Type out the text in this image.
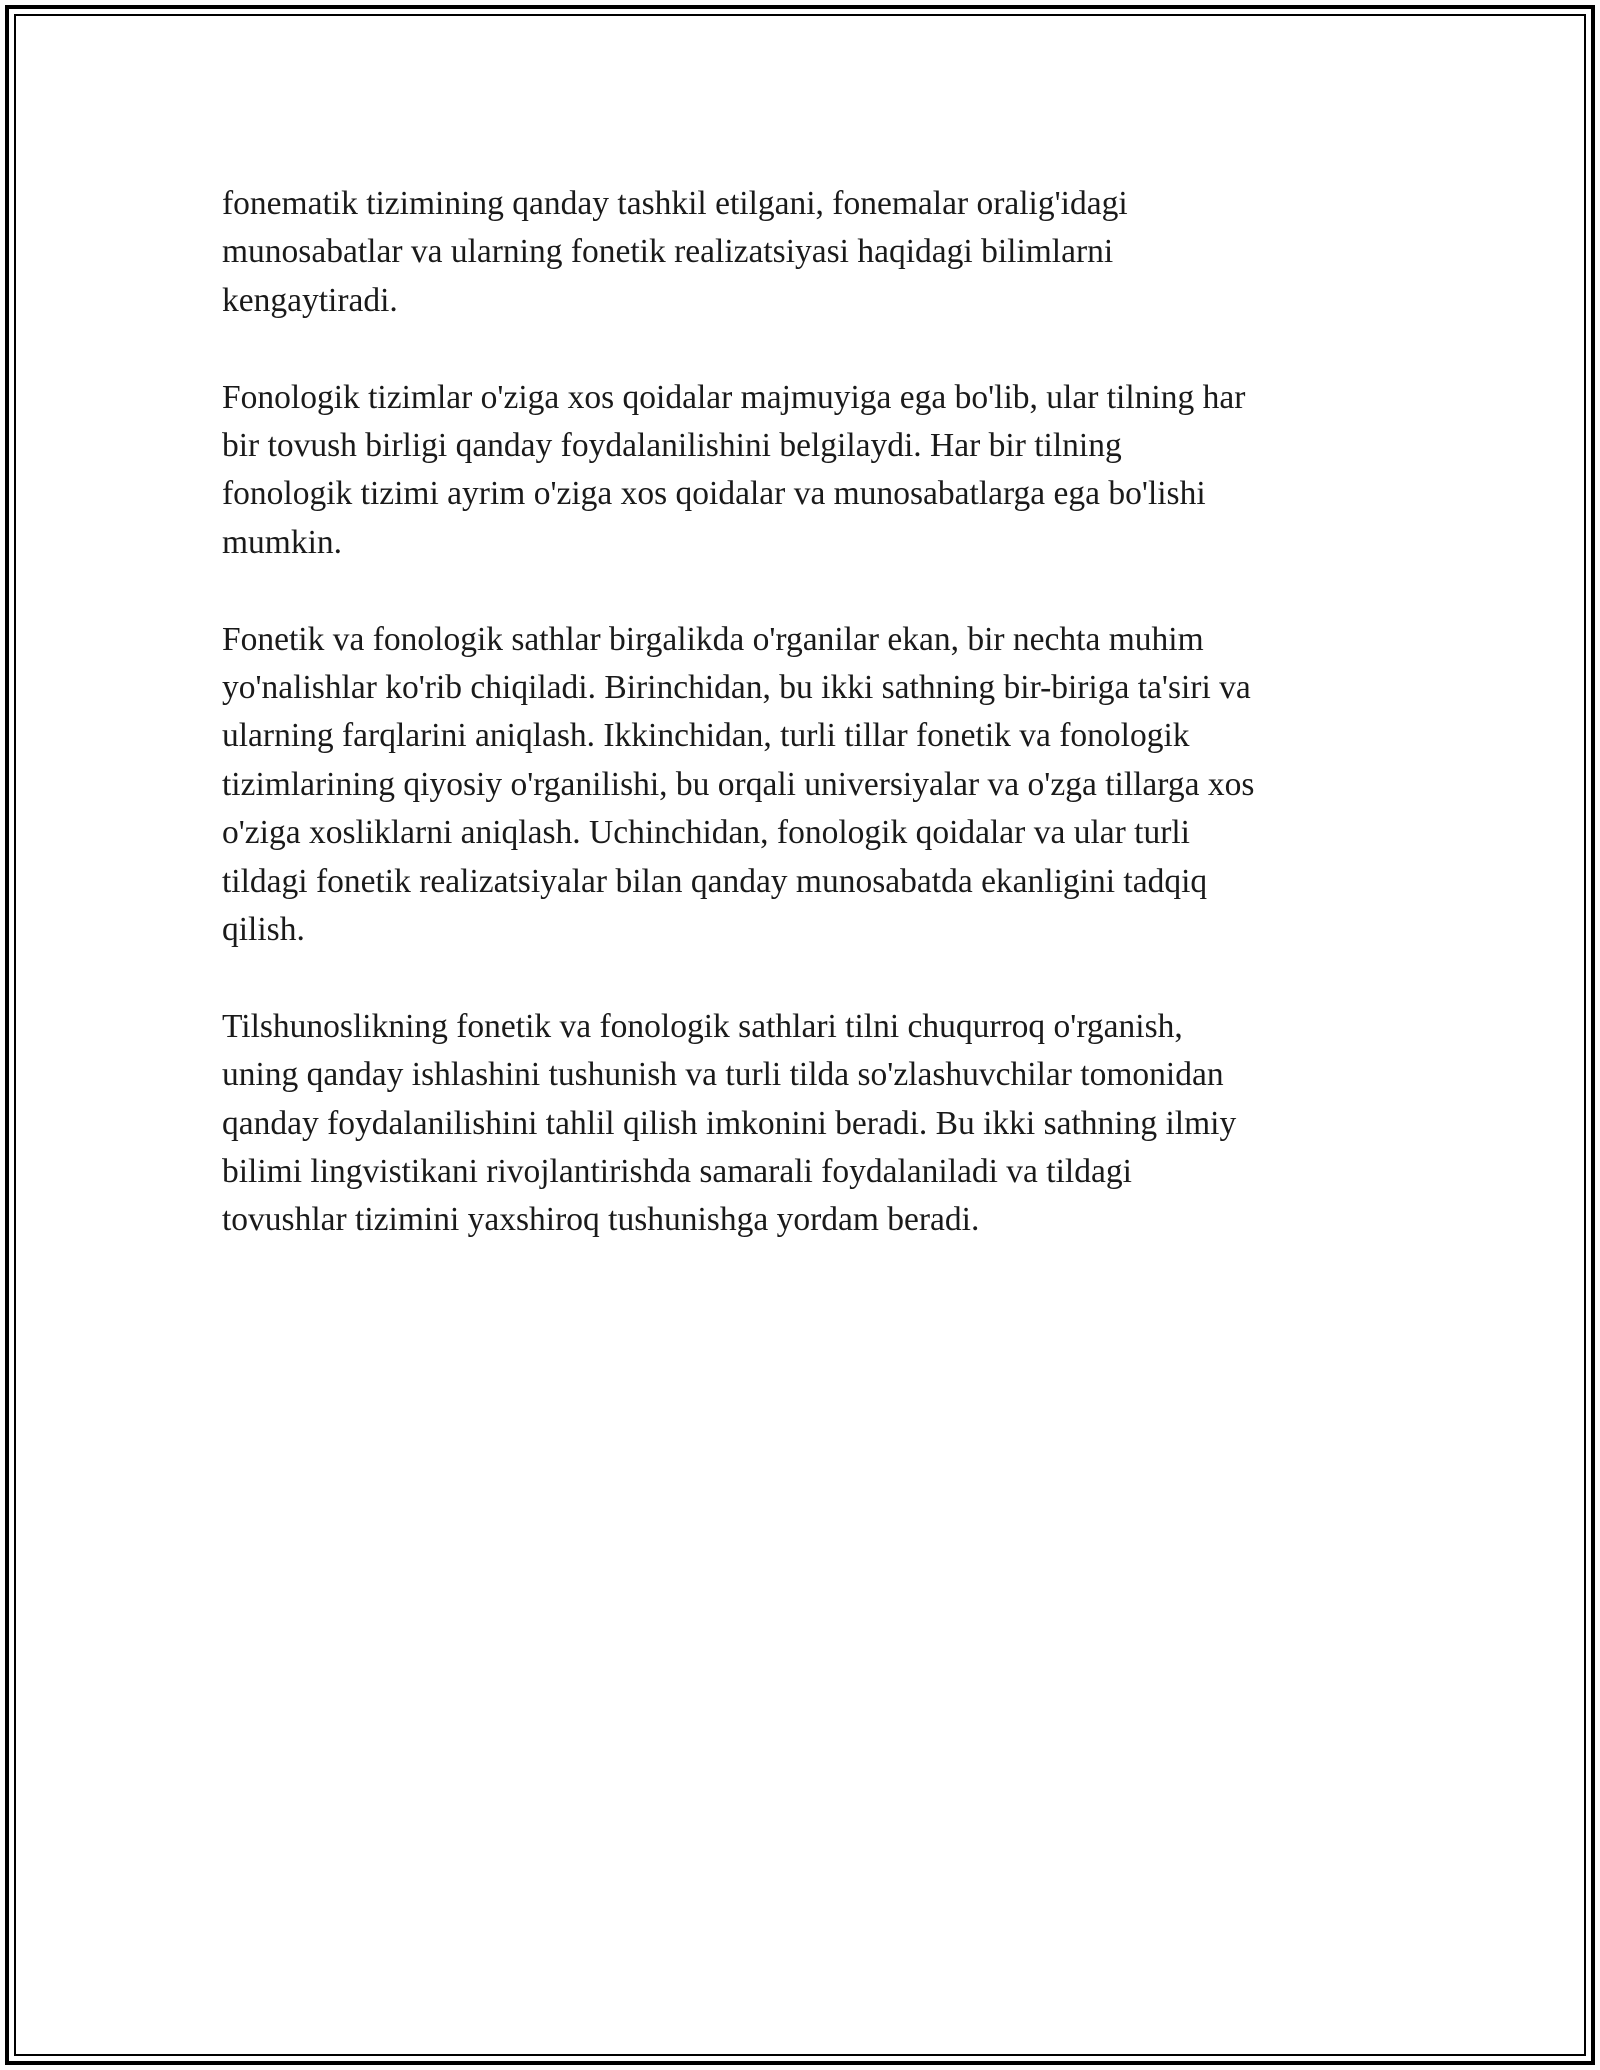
fonematik tizimining qanday tashkil etilgani, fonemalar oralig'idagi
munosabatlar va ularning fonetik realizatsiyasi haqidagi bilimlarni
kengaytiradi.

Fonologik tizimlar o'ziga xos qoidalar majmuyiga ega bo'lib, ular tilning har
bir tovush birligi qanday foydalanilishini belgilaydi. Har bir tilning
fonologik tizimi ayrim o'ziga xos qoidalar va munosabatlarga ega bo'lishi
mumkin.

Fonetik va fonologik sathlar birgalikda o'rganilar ekan, bir nechta muhim
yo'nalishlar ko'rib chiqiladi. Birinchidan, bu ikki sathning bir-biriga ta'siri va
ularning farqlarini aniqlash. Ikkinchidan, turli tillar fonetik va fonologik
tizimlarining qiyosiy o'rganilishi, bu orqali universiyalar va o'zga tillarga xos
o'ziga xosliklarni aniqlash. Uchinchidan, fonologik qoidalar va ular turli
tildagi fonetik realizatsiyalar bilan qanday munosabatda ekanligini tadqiq
qilish.

Tilshunoslikning fonetik va fonologik sathlari tilni chuqurroq o'rganish,
uning qanday ishlashini tushunish va turli tilda so'zlashuvchilar tomonidan
qanday foydalanilishini tahlil qilish imkonini beradi. Bu ikki sathning ilmiy
bilimi lingvistikani rivojlantirishda samarali foydalaniladi va tildagi
tovushlar tizimini yaxshiroq tushunishga yordam beradi.
